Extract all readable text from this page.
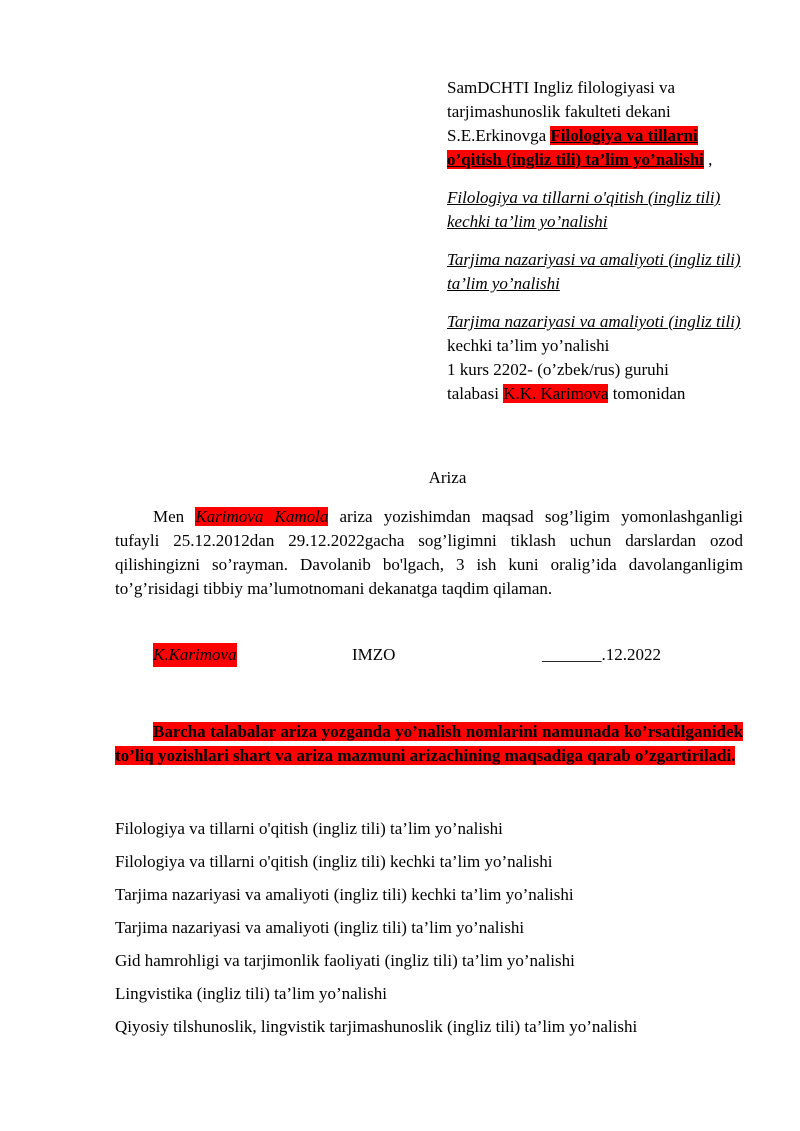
SamDCHTI Ingliz filologiyasi va

tarjimashunoslik fakulteti dekani

S.E.Erkinovga Filologiya va tillarni o’qitish (ingliz tili) ta’lim yo’nalishi ,

Filologiya va tillarni o'qitish (ingliz tili) kechki ta’lim yo’nalishi

Tarjima nazariyasi va amaliyoti (ingliz tili) ta’lim yo’nalishi

Tarjima nazariyasi va amaliyoti (ingliz tili) kechki ta’lim yo’nalishi

1 kurs 2202- (o’zbek/rus) guruhi

talabasi K.K. Karimova tomonidan

Ariza

Men Karimova Kamola ariza yozishimdan maqsad sog’ligim yomonlashganligi tufayli 25.12.2012dan 29.12.2022gacha sog’ligimni tiklash uchun darslardan ozod qilishingizni so’rayman. Davolanib bo'lgach, 3 ish kuni oralig’ida davolanganligim to’g’risidagi tibbiy ma’lumotnomani dekanatga taqdim qilaman.

K.Karimova	IMZO	_______.12.2022

Barcha talabalar ariza yozganda yo’nalish nomlarini namunada ko’rsatilganidek to’liq yozishlari shart va ariza mazmuni arizachining maqsadiga qarab o’zgartiriladi.

Filologiya va tillarni o'qitish (ingliz tili) ta’lim yo’nalishi
Filologiya va tillarni o'qitish (ingliz tili) kechki ta’lim yo’nalishi
Tarjima nazariyasi va amaliyoti (ingliz tili) kechki ta’lim yo’nalishi
Tarjima nazariyasi va amaliyoti (ingliz tili) ta’lim yo’nalishi
Gid hamrohligi va tarjimonlik faoliyati (ingliz tili) ta’lim yo’nalishi
Lingvistika (ingliz tili) ta’lim yo’nalishi
Qiyosiy tilshunoslik, lingvistik tarjimashunoslik (ingliz tili) ta’lim yo’nalishi
